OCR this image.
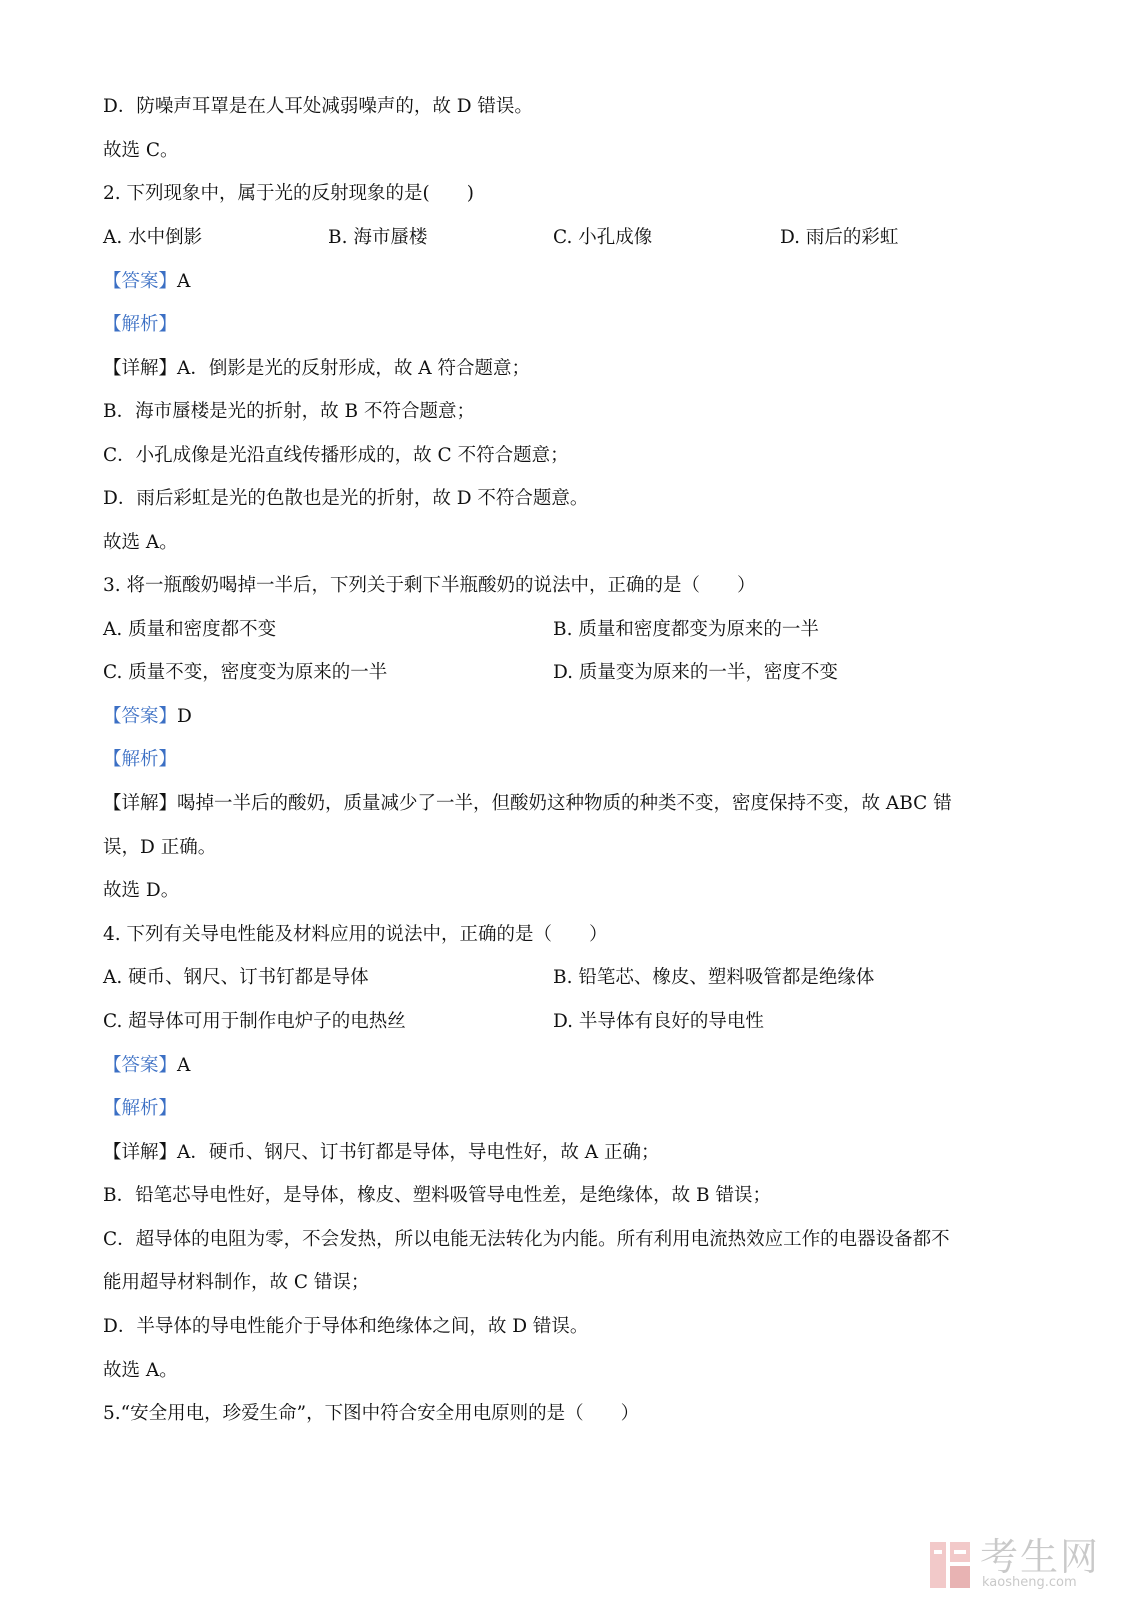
D．防噪声耳罩是在人耳处减弱噪声的，故 D 错误。
故选 C。
2. 下列现象中，属于光的反射现象的是(　　)
A. 水中倒影	B. 海市蜃楼	C. 小孔成像	D. 雨后的彩虹
【答案】A
【解析】
【详解】A．倒影是光的反射形成，故 A 符合题意；
B．海市蜃楼是光的折射，故 B 不符合题意；
C．小孔成像是光沿直线传播形成的，故 C 不符合题意；
D．雨后彩虹是光的色散也是光的折射，故 D 不符合题意。
故选 A。
3. 将一瓶酸奶喝掉一半后，下列关于剩下半瓶酸奶的说法中，正确的是（　　）
A. 质量和密度都不变	B. 质量和密度都变为原来的一半
C. 质量不变，密度变为原来的一半	D. 质量变为原来的一半，密度不变
【答案】D
【解析】
【详解】喝掉一半后的酸奶，质量减少了一半，但酸奶这种物质的种类不变，密度保持不变，故 ABC 错
误，D 正确。
故选 D。
4. 下列有关导电性能及材料应用的说法中，正确的是（　　）
A. 硬币、钢尺、订书钉都是导体	B. 铅笔芯、橡皮、塑料吸管都是绝缘体
C. 超导体可用于制作电炉子的电热丝	D. 半导体有良好的导电性
【答案】A
【解析】
【详解】A．硬币、钢尺、订书钉都是导体，导电性好，故 A 正确；
B．铅笔芯导电性好，是导体，橡皮、塑料吸管导电性差，是绝缘体，故 B 错误；
C．超导体的电阻为零，不会发热，所以电能无法转化为内能。所有利用电流热效应工作的电器设备都不
能用超导材料制作，故 C 错误；
D．半导体的导电性能介于导体和绝缘体之间，故 D 错误。
故选 A。
5.“安全用电，珍爱生命”，下图中符合安全用电原则的是（　　）
考生网
kaosheng.com
